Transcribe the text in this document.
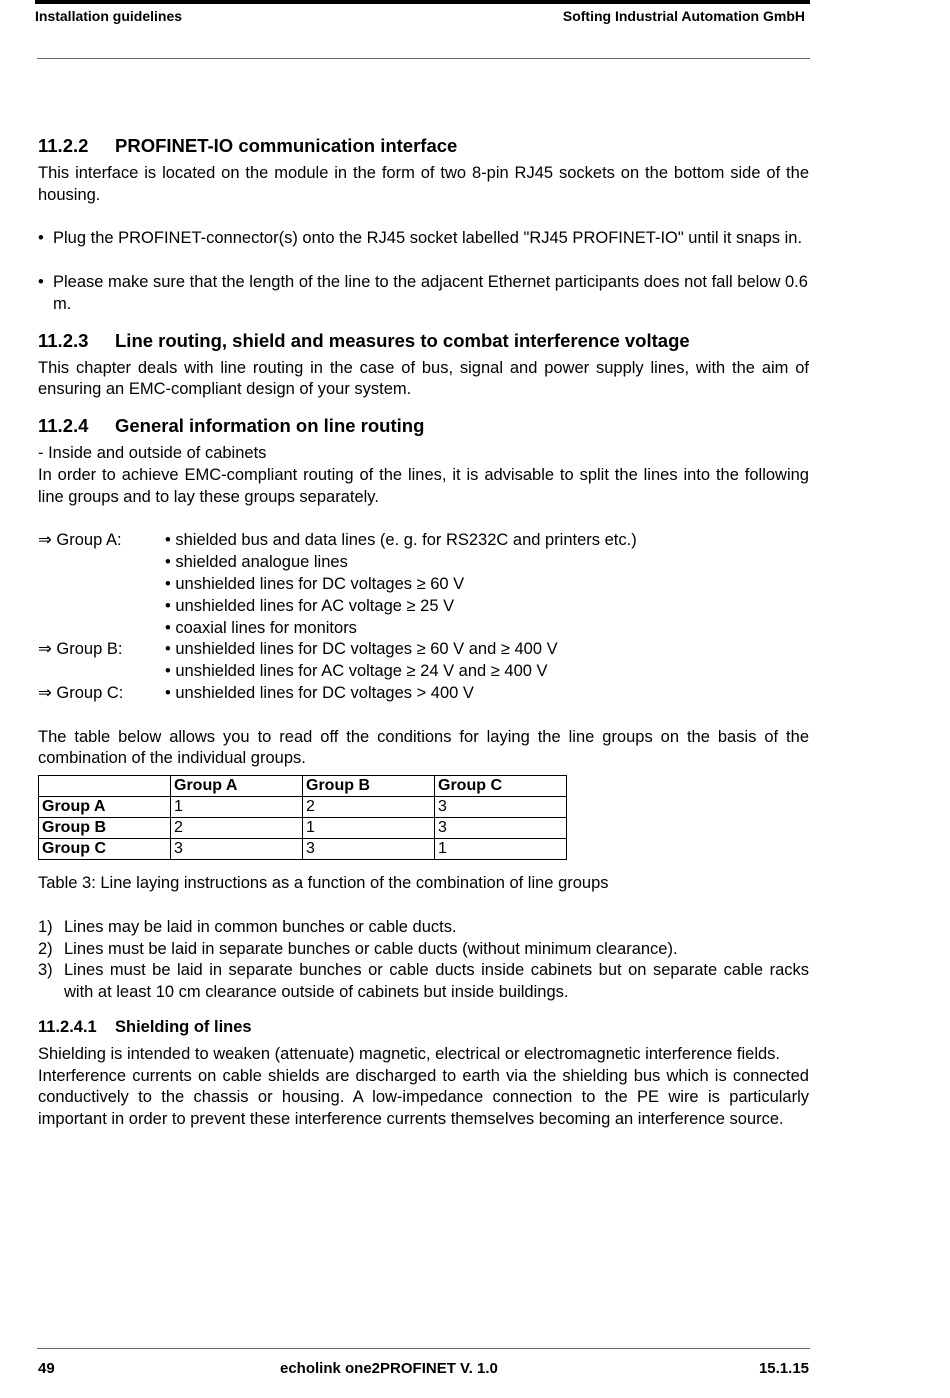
Installation guidelines	Softing Industrial Automation GmbH
11.2.2 PROFINET-IO communication interface

This interface is located on the module in the form of two 8-pin RJ45 sockets on the bottom side of the housing.

• Plug the PROFINET-connector(s) onto the RJ45 socket labelled "RJ45 PROFINET-IO" until it snaps in.
• Please make sure that the length of the line to the adjacent Ethernet participants does not fall below 0.6 m.
11.2.3 Line routing, shield and measures to combat interference voltage

This chapter deals with line routing in the case of bus, signal and power supply lines, with the aim of ensuring an EMC-compliant design of your system.

11.2.4 General information on line routing

- Inside and outside of cabinets

In order to achieve EMC-compliant routing of the lines, it is advisable to split the lines into the following line groups and to lay these groups separately.

⇒ Group A:	• shielded bus and data lines (e. g. for RS232C and printers etc.)
• shielded analogue lines
• unshielded lines for DC voltages ≥ 60 V
• unshielded lines for AC voltage ≥ 25 V
• coaxial lines for monitors
⇒ Group B:	• unshielded lines for DC voltages ≥ 60 V and ≥ 400 V
• unshielded lines for AC voltage ≥ 24 V and ≥ 400 V
⇒ Group C:	• unshielded lines for DC voltages > 400 V

The table below allows you to read off the conditions for laying the line groups on the basis of the combination of the individual groups.

	Group A	Group B	Group C
Group A	1	2	3
Group B	2	1	3
Group C	3	3	1

Table 3: Line laying instructions as a function of the combination of line groups

1) Lines may be laid in common bunches or cable ducts.
2) Lines must be laid in separate bunches or cable ducts (without minimum clearance).
3) Lines must be laid in separate bunches or cable ducts inside cabinets but on separate cable racks with at least 10 cm clearance outside of cabinets but inside buildings.
11.2.4.1 Shielding of lines

Shielding is intended to weaken (attenuate) magnetic, electrical or electromagnetic interference fields.

Interference currents on cable shields are discharged to earth via the shielding bus which is connected conductively to the chassis or housing. A low-impedance connection to the PE wire is particularly important in order to prevent these interference currents themselves becoming an interference source.

49	echolink one2PROFINET V. 1.0	15.1.15
